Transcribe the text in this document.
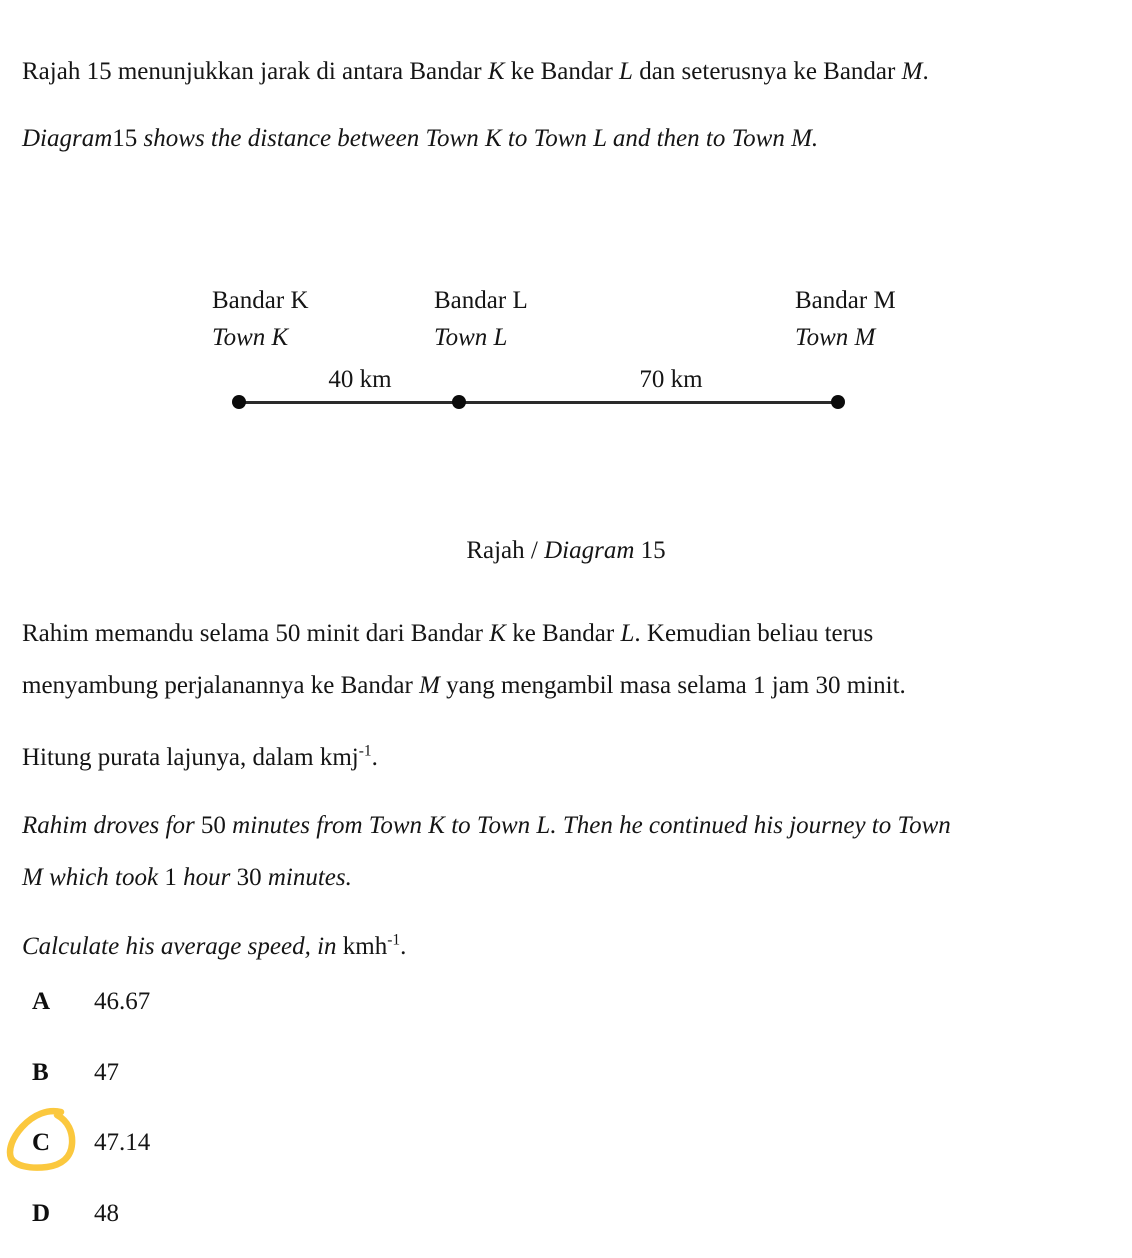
Rajah 15 menunjukkan jarak di antara Bandar K ke Bandar L dan seterusnya ke Bandar M.
Diagram15 shows the distance between Town K to Town L and then to Town M.
Bandar K
Town K
Bandar L
Town L
Bandar M
Town M
40 km	70 km
Rajah / Diagram 15
Rahim memandu selama 50 minit dari Bandar K ke Bandar L. Kemudian beliau terus
menyambung perjalanannya ke Bandar M yang mengambil masa selama 1 jam 30 minit.
Hitung purata lajunya, dalam kmj$^{-1}$.
Rahim droves for 50 minutes from Town K to Town L. Then he continued his journey to Town
M which took 1 hour 30 minutes.
Calculate his average speed, in kmh$^{-1}$.
A 46.67
B 47
C 47.14
D 48
